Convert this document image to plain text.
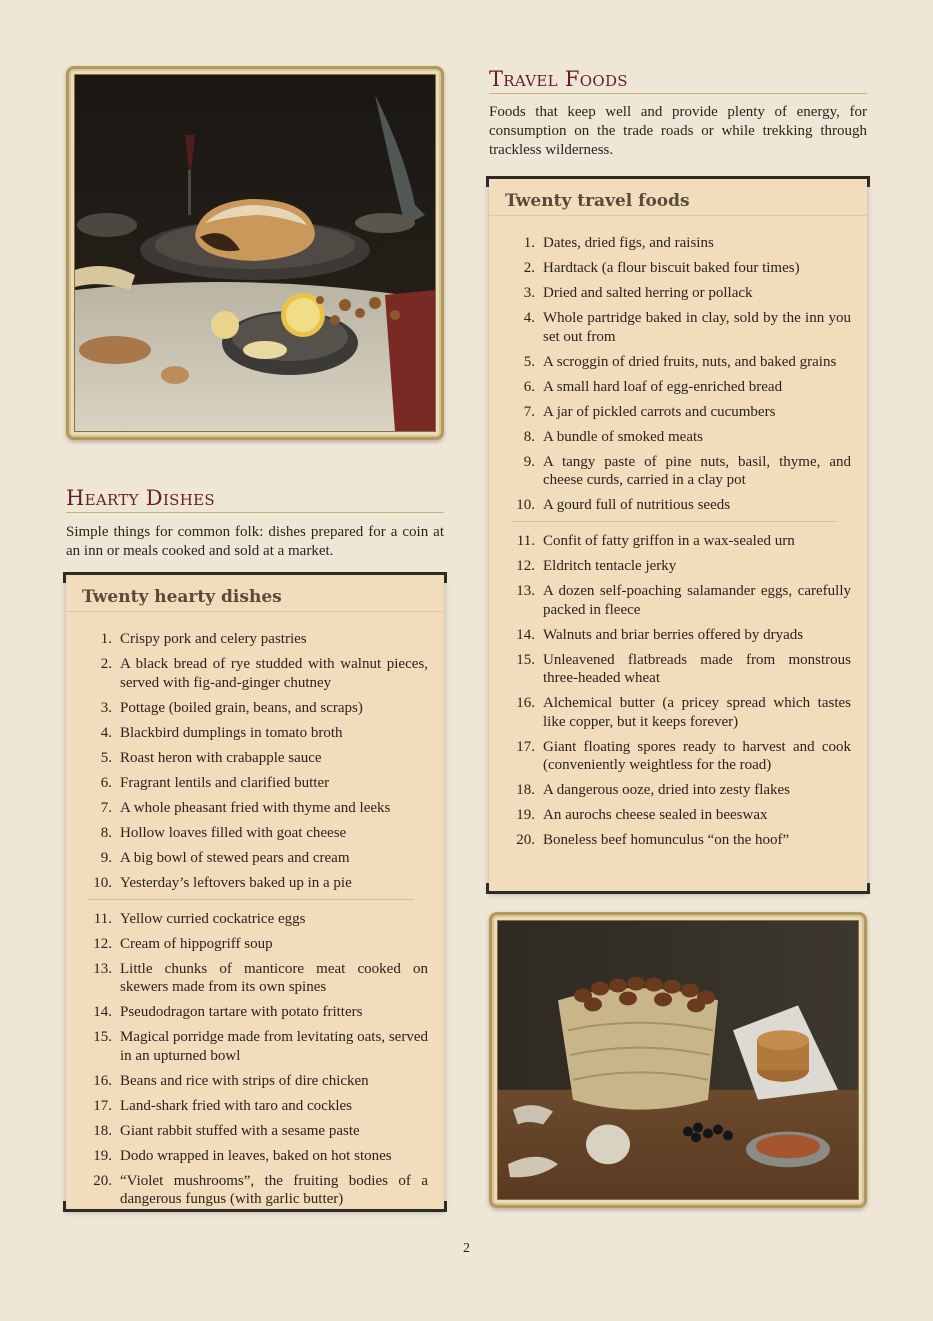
Hearty Dishes
Simple things for common folk: dishes prepared for a coin at an inn or meals cooked and sold at a market.
Twenty hearty dishes
1. Crispy pork and celery pastries
2. A black bread of rye studded with walnut pieces, served with fig-and-ginger chutney
3. Pottage (boiled grain, beans, and scraps)
4. Blackbird dumplings in tomato broth
5. Roast heron with crabapple sauce
6. Fragrant lentils and clarified butter
7. A whole pheasant fried with thyme and leeks
8. Hollow loaves filled with goat cheese
9. A big bowl of stewed pears and cream
10. Yesterday’s leftovers baked up in a pie
11. Yellow curried cockatrice eggs
12. Cream of hippogriff soup
13. Little chunks of manticore meat cooked on skewers made from its own spines
14. Pseudodragon tartare with potato fritters
15. Magical porridge made from levitating oats, served in an upturned bowl
16. Beans and rice with strips of dire chicken
17. Land-shark fried with taro and cockles
18. Giant rabbit stuffed with a sesame paste
19. Dodo wrapped in leaves, baked on hot stones
20. “Violet mushrooms”, the fruiting bodies of a dangerous fungus (with garlic butter)
Travel Foods
Foods that keep well and provide plenty of energy, for consumption on the trade roads or while trekking through trackless wilderness.
Twenty travel foods
1. Dates, dried figs, and raisins
2. Hardtack (a flour biscuit baked four times)
3. Dried and salted herring or pollack
4. Whole partridge baked in clay, sold by the inn you set out from
5. A scroggin of dried fruits, nuts, and baked grains
6. A small hard loaf of egg-enriched bread
7. A jar of pickled carrots and cucumbers
8. A bundle of smoked meats
9. A tangy paste of pine nuts, basil, thyme, and cheese curds, carried in a clay pot
10. A gourd full of nutritious seeds
11. Confit of fatty griffon in a wax-sealed urn
12. Eldritch tentacle jerky
13. A dozen self-poaching salamander eggs, carefully packed in fleece
14. Walnuts and briar berries offered by dryads
15. Unleavened flatbreads made from monstrous three-headed wheat
16. Alchemical butter (a pricey spread which tastes like copper, but it keeps forever)
17. Giant floating spores ready to harvest and cook (conveniently weightless for the road)
18. A dangerous ooze, dried into zesty flakes
19. An aurochs cheese sealed in beeswax
20. Boneless beef homunculus “on the hoof”
2
